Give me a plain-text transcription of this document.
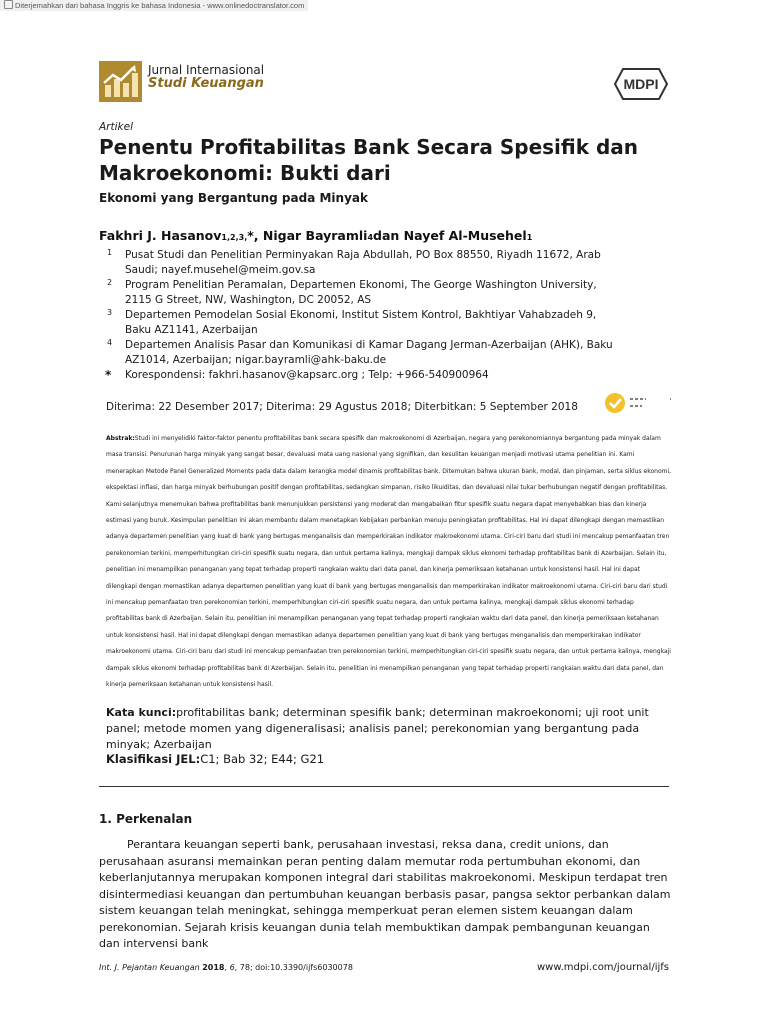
Diterjemahkan dari bahasa Inggris ke bahasa Indonesia - www.onlinedoctranslator.com
Jurnal Internasional
Studi Keuangan	MDPI
Artikel
Penentu Profitabilitas Bank Secara Spesifik dan Makroekonomi: Bukti dari
Ekonomi yang Bergantung pada Minyak
Fakhri J. Hasanov1,2,3,*, Nigar Bayramli4dan Nayef Al-Musehel1
1 Pusat Studi dan Penelitian Perminyakan Raja Abdullah, PO Box 88550, Riyadh 11672, Arab Saudi; nayef.musehel@meim.gov.sa
2 Program Penelitian Peramalan, Departemen Ekonomi, The George Washington University, 2115 G Street, NW, Washington, DC 20052, AS
3 Departemen Pemodelan Sosial Ekonomi, Institut Sistem Kontrol, Bakhtiyar Vahabzadeh 9, Baku AZ1141, Azerbaijan
4 Departemen Analisis Pasar dan Komunikasi di Kamar Dagang Jerman-Azerbaijan (AHK), Baku AZ1014, Azerbaijan; nigar.bayramli@ahk-baku.de
* Korespondensi: fakhri.hasanov@kapsarc.org ; Telp: +966-540900964
Diterima: 22 Desember 2017; Diterima: 29 Agustus 2018; Diterbitkan: 5 September 2018
Abstrak:Studi ini menyelidiki faktor-faktor penentu profitabilitas bank secara spesifik dan makroekonomi di Azerbaijan, negara yang perekonomiannya bergantung pada minyak dalam masa transisi. Penurunan harga minyak yang sangat besar, devaluasi mata uang nasional yang signifikan, dan kesulitan keuangan menjadi motivasi utama penelitian ini. Kami menerapkan Metode Panel Generalized Moments pada data dalam kerangka model dinamis profitabilitas bank. Ditemukan bahwa ukuran bank, modal, dan pinjaman, serta siklus ekonomi, ekspektasi inflasi, dan harga minyak berhubungan positif dengan profitabilitas, sedangkan simpanan, risiko likuiditas, dan devaluasi nilai tukar berhubungan negatif dengan profitabilitas. Kami selanjutnya menemukan bahwa profitabilitas bank menunjukkan persistensi yang moderat dan mengabaikan fitur spesifik suatu negara dapat menyebabkan bias dan kinerja estimasi yang buruk. Kesimpulan penelitian ini akan membantu dalam menetapkan kebijakan perbankan menuju peningkatan profitabilitas. Hal ini dapat dilengkapi dengan memastikan adanya departemen penelitian yang kuat di bank yang bertugas menganalisis dan memperkirakan indikator makroekonomi utama. Ciri-ciri baru dari studi ini mencakup pemanfaatan tren perekonomian terkini, memperhitungkan ciri-ciri spesifik suatu negara, dan untuk pertama kalinya, mengkaji dampak siklus ekonomi terhadap profitabilitas bank di Azerbaijan. Selain itu, penelitian ini menampilkan penanganan yang tepat terhadap properti rangkaian waktu dari data panel, dan kinerja pemeriksaan ketahanan untuk konsistensi hasil. Hal ini dapat dilengkapi dengan memastikan adanya departemen penelitian yang kuat di bank yang bertugas menganalisis dan memperkirakan indikator makroekonomi utama. Ciri-ciri baru dari studi ini mencakup pemanfaatan tren perekonomian terkini, memperhitungkan ciri-ciri spesifik suatu negara, dan untuk pertama kalinya, mengkaji dampak siklus ekonomi terhadap profitabilitas bank di Azerbaijan. Selain itu, penelitian ini menampilkan penanganan yang tepat terhadap properti rangkaian waktu dari data panel, dan kinerja pemeriksaan ketahanan untuk konsistensi hasil. Hal ini dapat dilengkapi dengan memastikan adanya departemen penelitian yang kuat di bank yang bertugas menganalisis dan memperkirakan indikator makroekonomi utama. Ciri-ciri baru dari studi ini mencakup pemanfaatan tren perekonomian terkini, memperhitungkan ciri-ciri spesifik suatu negara, dan untuk pertama kalinya, mengkaji dampak siklus ekonomi terhadap profitabilitas bank di Azerbaijan. Selain itu, penelitian ini menampilkan penanganan yang tepat terhadap properti rangkaian waktu dari data panel, dan kinerja pemeriksaan ketahanan untuk konsistensi hasil.
Kata kunci:profitabilitas bank; determinan spesifik bank; determinan makroekonomi; uji root unit panel; metode momen yang digeneralisasi; analisis panel; perekonomian yang bergantung pada minyak; Azerbaijan
Klasifikasi JEL:C1; Bab 32; E44; G21
1. Perkenalan

Perantara keuangan seperti bank, perusahaan investasi, reksa dana, credit unions, dan perusahaan asuransi memainkan peran penting dalam memutar roda pertumbuhan ekonomi, dan keberlanjutannya merupakan komponen integral dari stabilitas makroekonomi. Meskipun terdapat tren disintermediasi keuangan dan pertumbuhan keuangan berbasis pasar, pangsa sektor perbankan dalam sistem keuangan telah meningkat, sehingga memperkuat peran elemen sistem keuangan dalam perekonomian. Sejarah krisis keuangan dunia telah membuktikan dampak pembangunan keuangan dan intervensi bank

Int. J. Pejantan Keuangan 2018, 6, 78; doi:10.3390/ijfs6030078	www.mdpi.com/journal/ijfs
